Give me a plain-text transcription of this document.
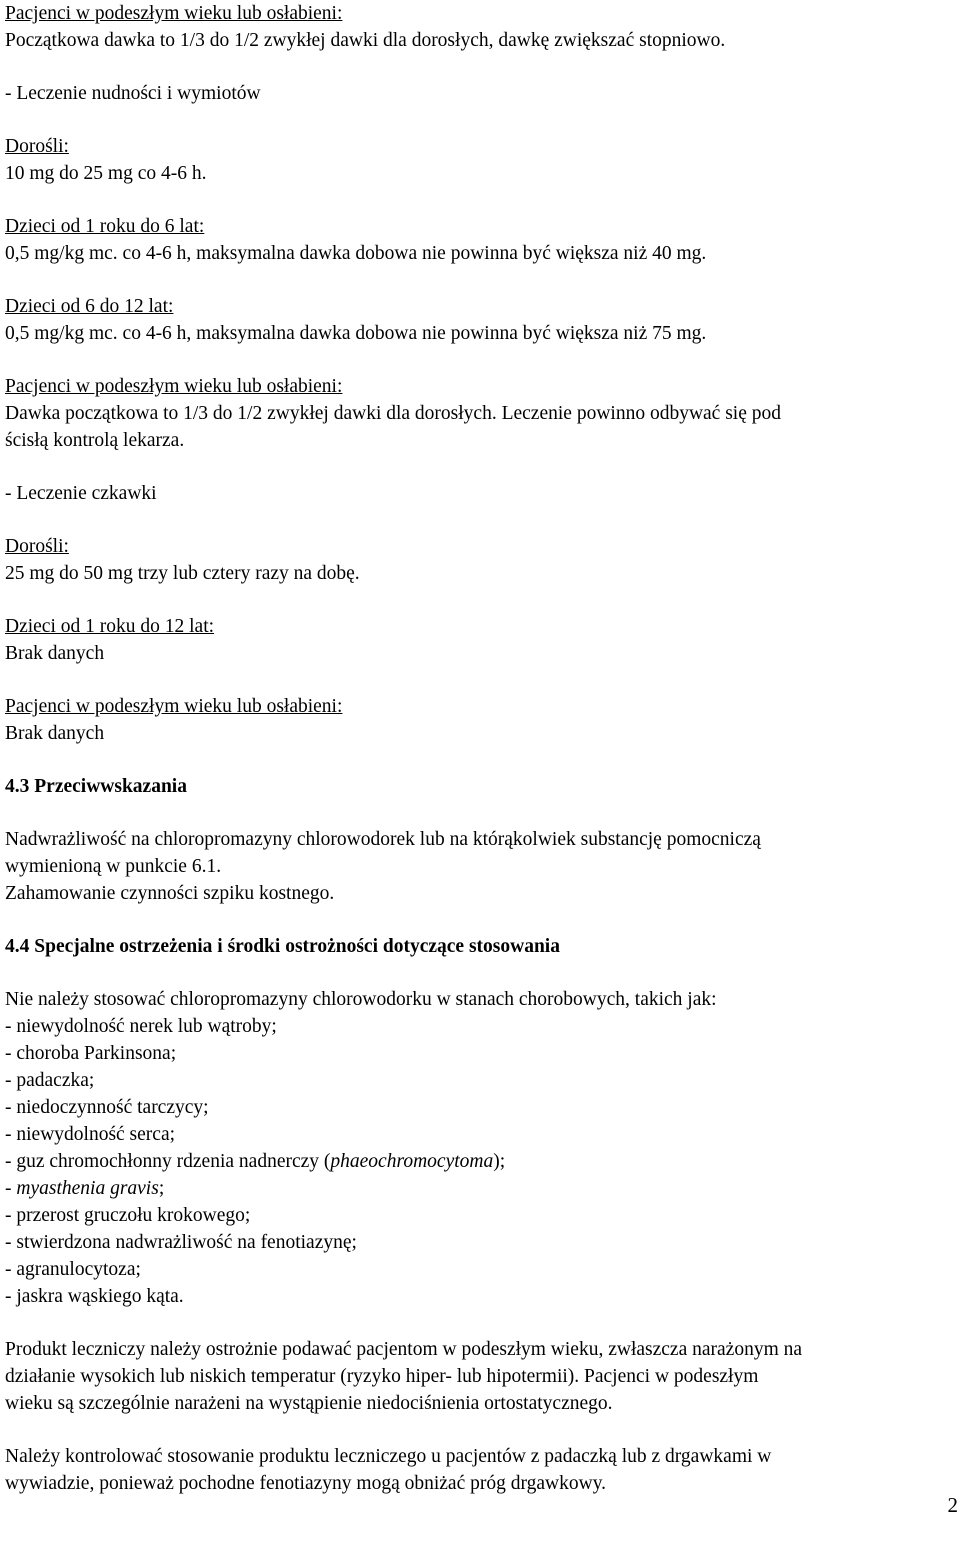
Pacjenci w podeszłym wieku lub osłabieni:
Początkowa dawka to 1/3 do 1/2 zwykłej dawki dla dorosłych, dawkę zwiększać stopniowo.
- Leczenie nudności i wymiotów
Dorośli:
10 mg do 25 mg co 4-6 h.
Dzieci od 1 roku do 6 lat:
0,5 mg/kg mc. co 4-6 h, maksymalna dawka dobowa nie powinna być większa niż 40 mg.
Dzieci od 6 do 12 lat:
0,5 mg/kg mc. co 4-6 h, maksymalna dawka dobowa nie powinna być większa niż 75 mg.
Pacjenci w podeszłym wieku lub osłabieni:
Dawka początkowa to 1/3 do 1/2 zwykłej dawki dla dorosłych. Leczenie powinno odbywać się pod
ścisłą kontrolą lekarza.
- Leczenie czkawki
Dorośli:
25 mg do 50 mg trzy lub cztery razy na dobę.
Dzieci od 1 roku do 12 lat:
Brak danych
Pacjenci w podeszłym wieku lub osłabieni:
Brak danych
4.3 Przeciwwskazania
Nadwrażliwość na chloropromazyny chlorowodorek lub na którąkolwiek substancję pomocniczą
wymienioną w punkcie 6.1.
Zahamowanie czynności szpiku kostnego.
4.4 Specjalne ostrzeżenia i środki ostrożności dotyczące stosowania
Nie należy stosować chloropromazyny chlorowodorku w stanach chorobowych, takich jak:
- niewydolność nerek lub wątroby;
- choroba Parkinsona;
- padaczka;
- niedoczynność tarczycy;
- niewydolność serca;
- guz chromochłonny rdzenia nadnerczy (phaeochromocytoma);
- myasthenia gravis;
- przerost gruczołu krokowego;
- stwierdzona nadwrażliwość na fenotiazynę;
- agranulocytoza;
- jaskra wąskiego kąta.
Produkt leczniczy należy ostrożnie podawać pacjentom w podeszłym wieku, zwłaszcza narażonym na
działanie wysokich lub niskich temperatur (ryzyko hiper- lub hipotermii). Pacjenci w podeszłym
wieku są szczególnie narażeni na wystąpienie niedociśnienia ortostatycznego.
Należy kontrolować stosowanie produktu leczniczego u pacjentów z padaczką lub z drgawkami w
wywiadzie, ponieważ pochodne fenotiazyny mogą obniżać próg drgawkowy.
2
